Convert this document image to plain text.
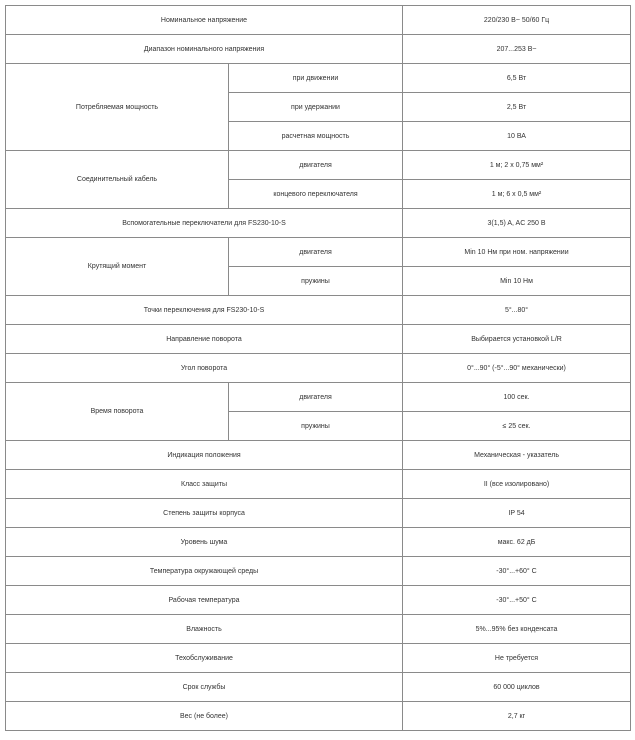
Номинальное напряжение		220/230 В~ 50/60 Гц
Диапазон номинального напряжения		207...253 В~
Потребляемая мощность	при движении	6,5 Вт
	при удержании	2,5 Вт
	расчетная мощность	10 ВА
Соединительный кабель	двигателя	1 м; 2 x 0,75 мм²
	концевого переключателя	1 м; 6 x 0,5 мм²
Вспомогательные переключатели для FS230-10-S		3(1,5) A, AC 250 В
Крутящий момент	двигателя	Min 10 Нм при ном. напряжении
	пружины	Min 10 Нм
Точки переключения для FS230-10-S		5°...80°
Направление поворота		Выбирается установкой L/R
Угол поворота		0°...90° (-5°...90° механически)
Время поворота	двигателя	100 сек.
	пружины	≤ 25 сек.
Индикация положения		Механическая - указатель
Класс защиты		II (все изолировано)
Степень защиты корпуса		IP 54
Уровень шума		макс. 62 дБ
Температура окружающей среды		-30°...+60° C
Рабочая температура		-30°...+50° C
Влажность		5%...95% без конденсата
Техобслуживание		Не требуется
Срок службы		60 000 циклов
Вес (не более)		2,7 кг
